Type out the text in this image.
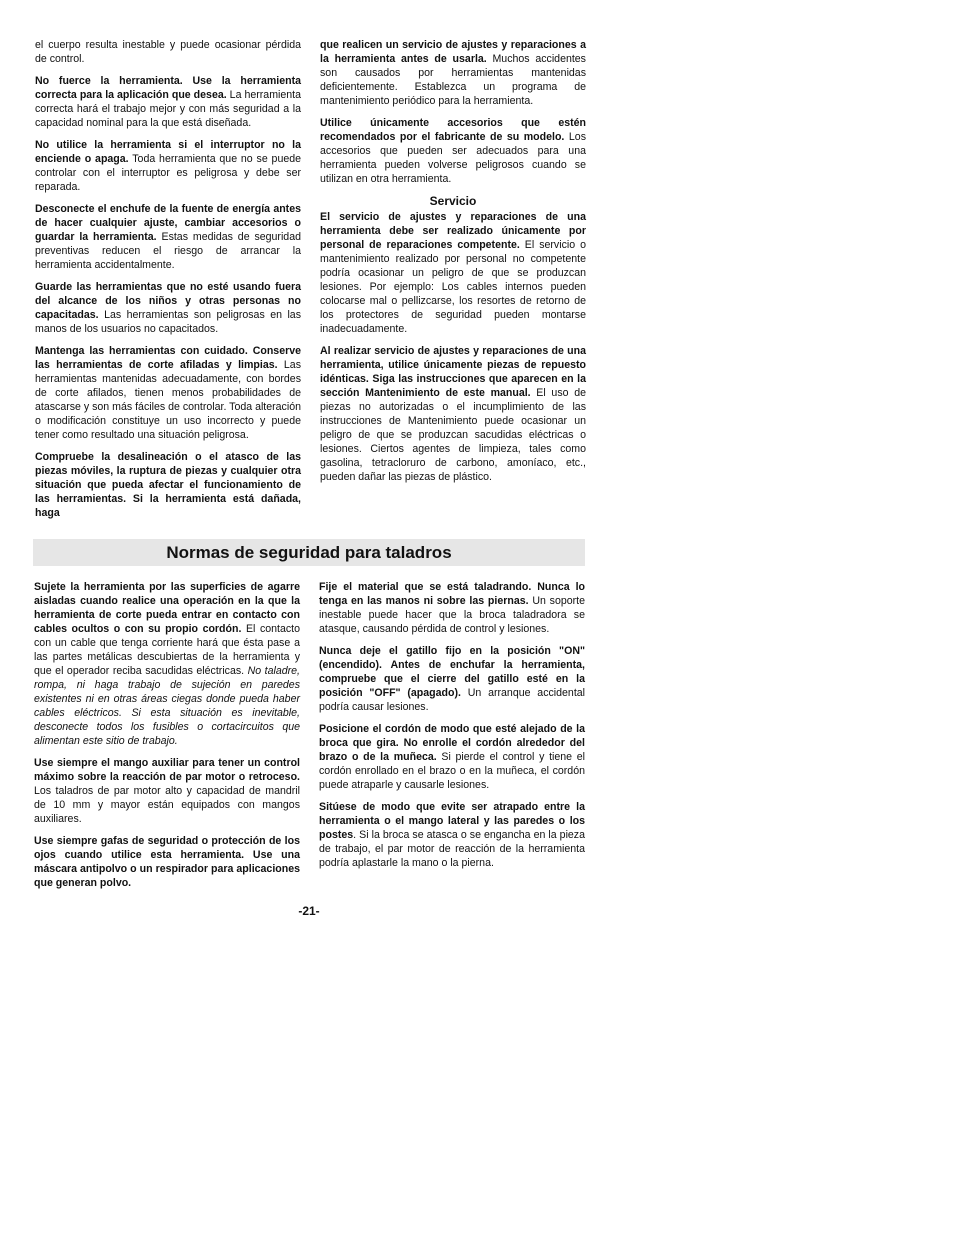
el cuerpo resulta inestable y puede ocasionar pérdida de control.

No fuerce la herramienta. Use la herramienta correcta para la aplicación que desea. La herramienta correcta hará el trabajo mejor y con más seguridad a la capacidad nominal para la que está diseñada.

No utilice la herramienta si el interruptor no la enciende o apaga. Toda herramienta que no se puede controlar con el interruptor es peligrosa y debe ser reparada.

Desconecte el enchufe de la fuente de energía antes de hacer cualquier ajuste, cambiar accesorios o guardar la herramienta. Estas medidas de seguridad preventivas reducen el riesgo de arrancar la herramienta accidentalmente.

Guarde las herramientas que no esté usando fuera del alcance de los niños y otras personas no capacitadas. Las herramientas son peligrosas en las manos de los usuarios no capacitados.

Mantenga las herramientas con cuidado. Conserve las herramientas de corte afiladas y limpias. Las herramientas mantenidas adecuadamente, con bordes de corte afilados, tienen menos probabilidades de atascarse y son más fáciles de controlar. Toda alteración o modificación constituye un uso incorrecto y puede tener como resultado una situación peligrosa.

Compruebe la desalineación o el atasco de las piezas móviles, la ruptura de piezas y cualquier otra situación que pueda afectar el funcionamiento de las herramientas. Si la herramienta está dañada, haga

que realicen un servicio de ajustes y reparaciones a la herramienta antes de usarla. Muchos accidentes son causados por herramientas mantenidas deficientemente. Establezca un programa de mantenimiento periódico para la herramienta.

Utilice únicamente accesorios que estén recomendados por el fabricante de su modelo. Los accesorios que pueden ser adecuados para una herramienta pueden volverse peligrosos cuando se utilizan en otra herramienta.

Servicio

El servicio de ajustes y reparaciones de una herramienta debe ser realizado únicamente por personal de reparaciones competente. El servicio o mantenimiento realizado por personal no competente podría ocasionar un peligro de que se produzcan lesiones. Por ejemplo: Los cables internos pueden colocarse mal o pellizcarse, los resortes de retorno de los protectores de seguridad pueden montarse inadecuadamente.

Al realizar servicio de ajustes y reparaciones de una herramienta, utilice únicamente piezas de repuesto idénticas. Siga las instrucciones que aparecen en la sección Mantenimiento de este manual. El uso de piezas no autorizadas o el incumplimiento de las instrucciones de Mantenimiento puede ocasionar un peligro de que se produzcan sacudidas eléctricas o lesiones. Ciertos agentes de limpieza, tales como gasolina, tetracloruro de carbono, amoníaco, etc., pueden dañar las piezas de plástico.

Normas de seguridad para taladros

Sujete la herramienta por las superficies de agarre aisladas cuando realice una operación en la que la herramienta de corte pueda entrar en contacto con cables ocultos o con su propio cordón. El contacto con un cable que tenga corriente hará que ésta pase a las partes metálicas descubiertas de la herramienta y que el operador reciba sacudidas eléctricas. No taladre, rompa, ni haga trabajo de sujeción en paredes existentes ni en otras áreas ciegas donde pueda haber cables eléctricos. Si esta situación es inevitable, desconecte todos los fusibles o cortacircuitos que alimentan este sitio de trabajo.

Use siempre el mango auxiliar para tener un control máximo sobre la reacción de par motor o retroceso. Los taladros de par motor alto y capacidad de mandril de 10 mm y mayor están equipados con mangos auxiliares.

Use siempre gafas de seguridad o protección de los ojos cuando utilice esta herramienta. Use una máscara antipolvo o un respirador para aplicaciones que generan polvo.

Fije el material que se está taladrando. Nunca lo tenga en las manos ni sobre las piernas. Un soporte inestable puede hacer que la broca taladradora se atasque, causando pérdida de control y lesiones.

Nunca deje el gatillo fijo en la posición "ON" (encendido). Antes de enchufar la herramienta, compruebe que el cierre del gatillo esté en la posición "OFF" (apagado). Un arranque accidental podría causar lesiones.

Posicione el cordón de modo que esté alejado de la broca que gira. No enrolle el cordón alrededor del brazo o de la muñeca. Si pierde el control y tiene el cordón enrollado en el brazo o en la muñeca, el cordón puede atraparle y causarle lesiones.

Sitúese de modo que evite ser atrapado entre la herramienta o el mango lateral y las paredes o los postes. Si la broca se atasca o se engancha en la pieza de trabajo, el par motor de reacción de la herramienta podría aplastarle la mano o la pierna.

-21-
